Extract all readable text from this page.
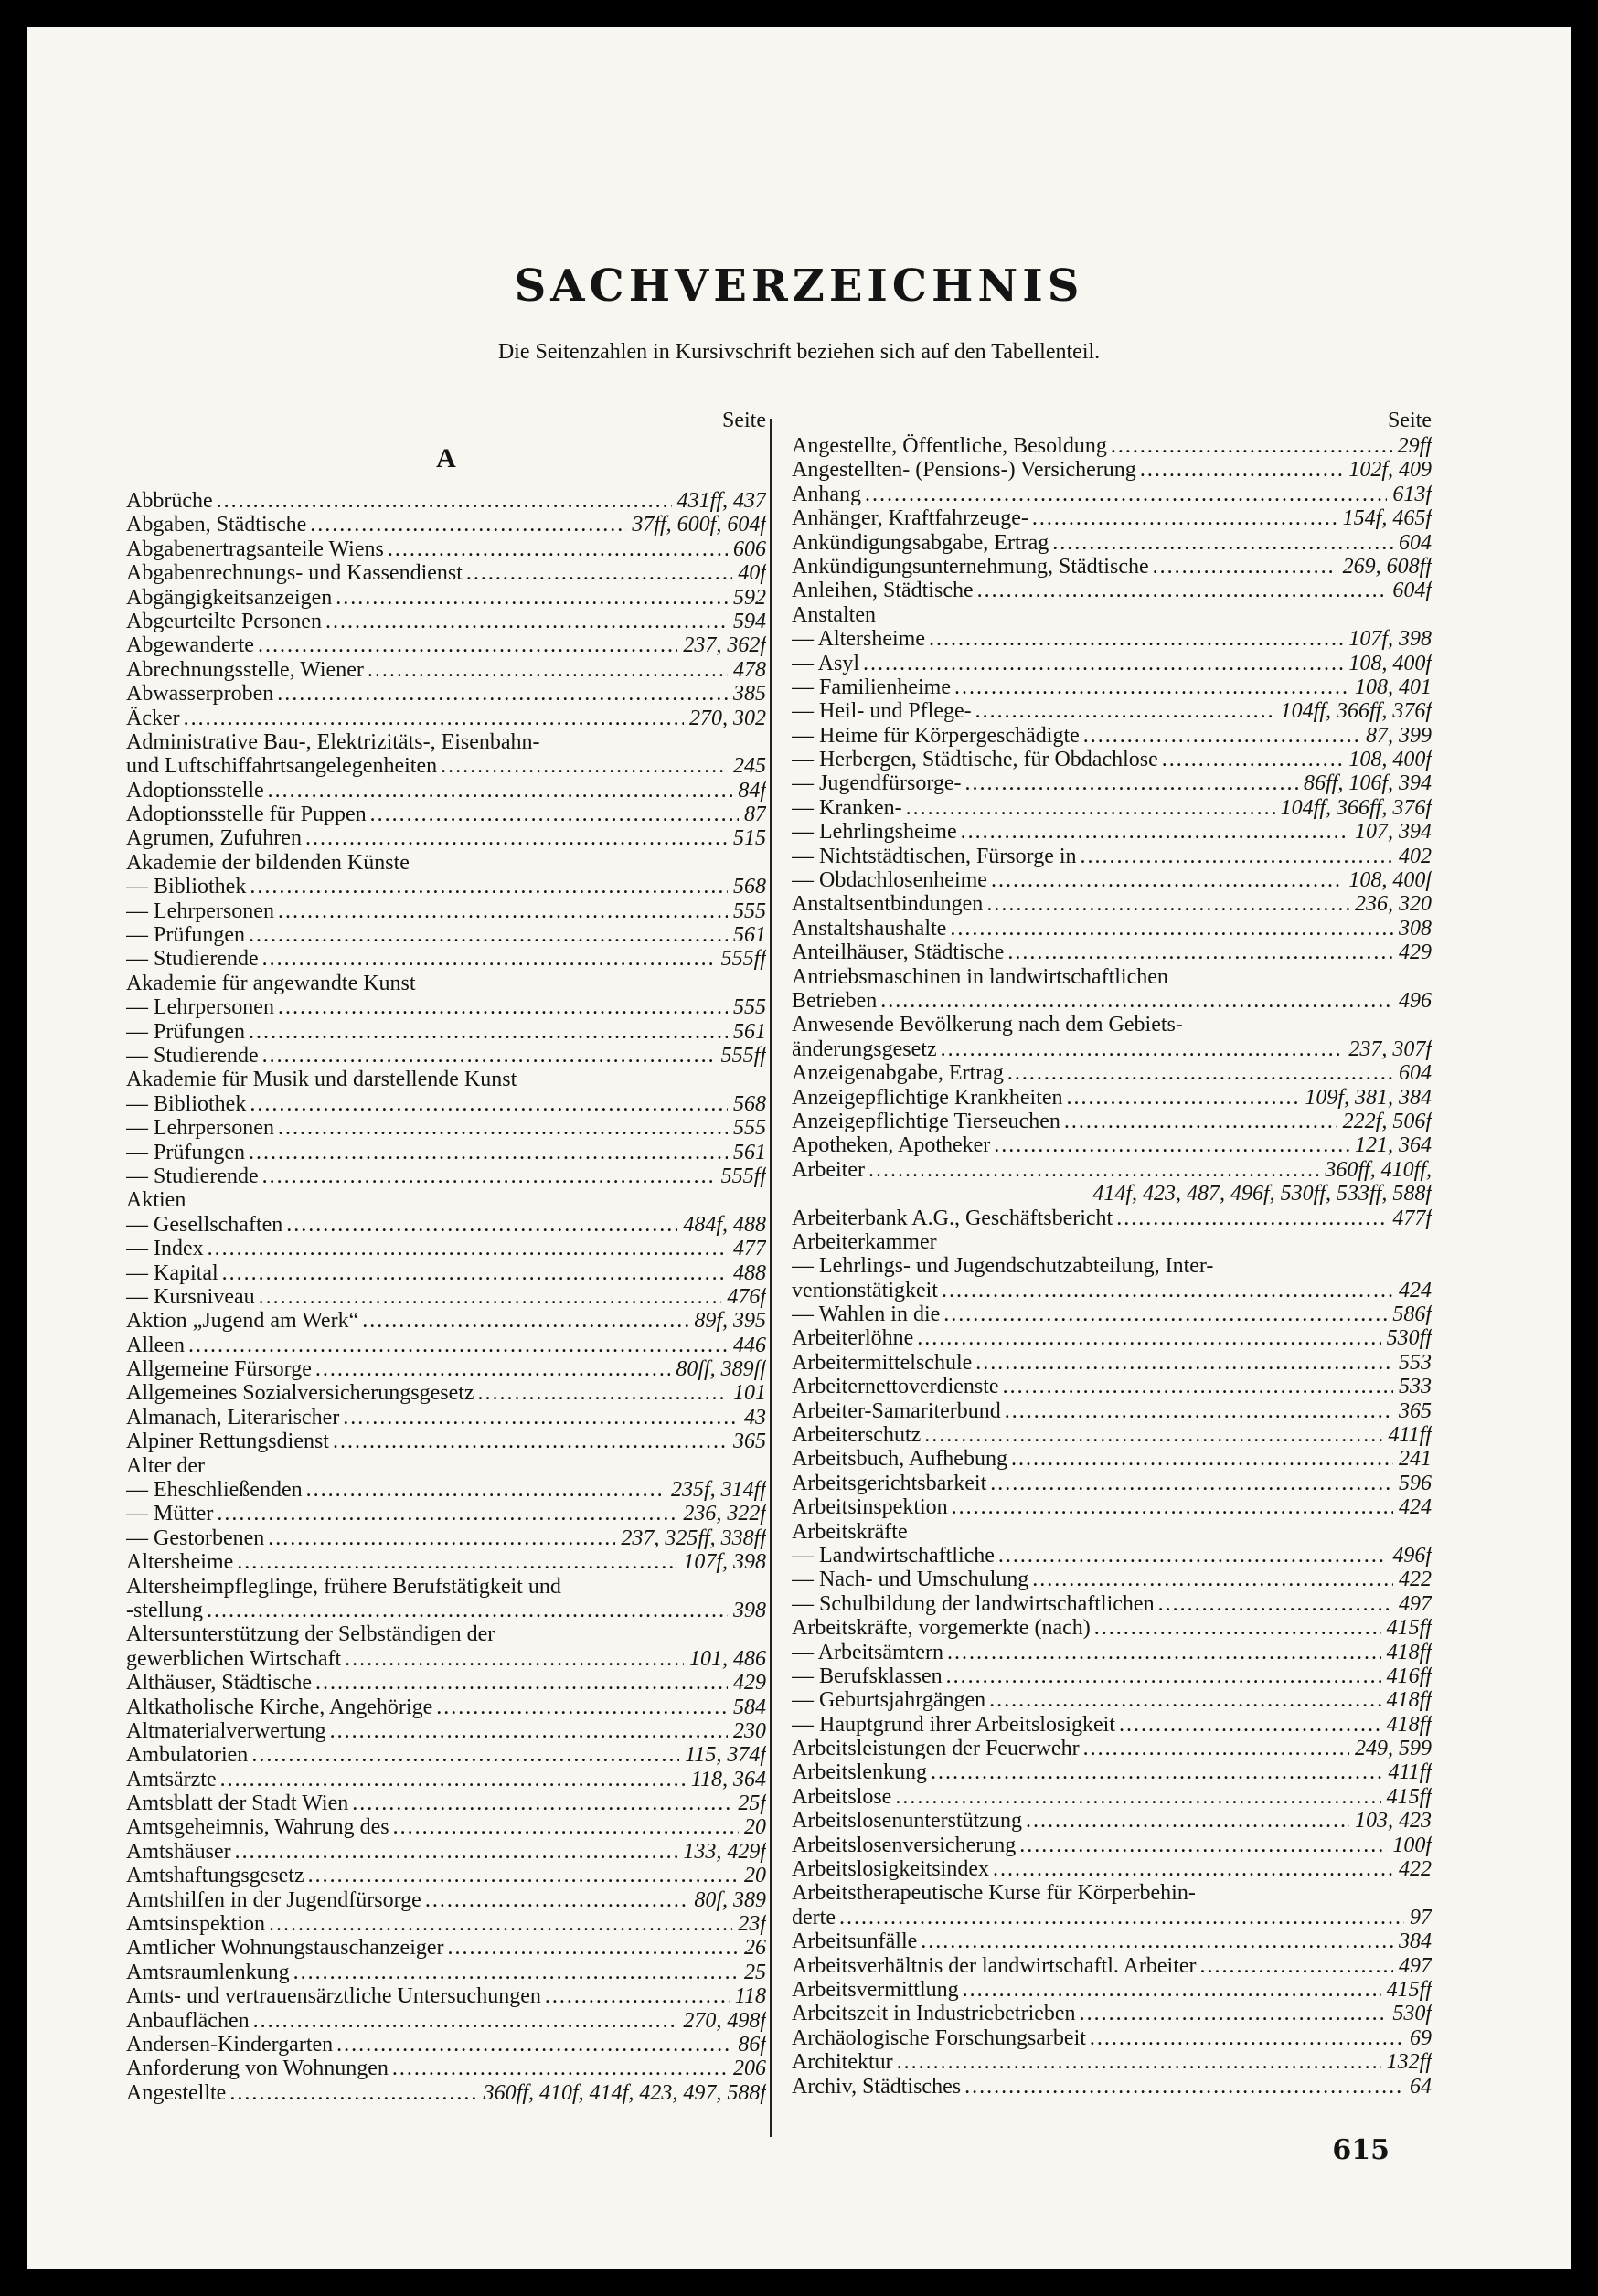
SACHVERZEICHNIS
Die Seitenzahlen in Kursivschrift beziehen sich auf den Tabellenteil.
Seite
A
Abbrüche . . .	431ff, 437
Abgaben, Städtische . . .	37ff, 600f, 604f
Abgabenertragsanteile Wiens . . .	606
Abgabenrechnungs- und Kassendienst . . .	40f
Abgängigkeitsanzeigen . . .	592
Abgeurteilte Personen . . .	594
Abgewanderte . . .	237, 362f
Abrechnungsstelle, Wiener . . .	478
Abwasserproben . . .	385
Äcker . . .	270, 302
Administrative Bau-, Elektrizitäts-, Eisenbahn-
und Luftschiffahrtsangelegenheiten . . .	245
Adoptionsstelle . . .	84f
Adoptionsstelle für Puppen . . .	87
Agrumen, Zufuhren . . .	515
Akademie der bildenden Künste
— Bibliothek . . .	568
— Lehrpersonen . . .	555
— Prüfungen . . .	561
— Studierende . . .	555ff
Akademie für angewandte Kunst
— Lehrpersonen . . .	555
— Prüfungen . . .	561
— Studierende . . .	555ff
Akademie für Musik und darstellende Kunst
— Bibliothek . . .	568
— Lehrpersonen . . .	555
— Prüfungen . . .	561
— Studierende . . .	555ff
Aktien
— Gesellschaften . . .	484f, 488
— Index . . .	477
— Kapital . . .	488
— Kursniveau . . .	476f
Aktion „Jugend am Werk“ . . .	89f, 395
Alleen . . .	446
Allgemeine Fürsorge . . .	80ff, 389ff
Allgemeines Sozialversicherungsgesetz . . .	101
Almanach, Literarischer . . .	43
Alpiner Rettungsdienst . . .	365
Alter der
— Eheschließenden . . .	235f, 314ff
— Mütter . . .	236, 322f
— Gestorbenen . . .	237, 325ff, 338ff
Altersheime . . .	107f, 398
Altersheimpfleglinge, frühere Berufstätigkeit und
-stellung . . .	398
Altersunterstützung der Selbständigen der
gewerblichen Wirtschaft . . .	101, 486
Althäuser, Städtische . . .	429
Altkatholische Kirche, Angehörige . . .	584
Altmaterialverwertung . . .	230
Ambulatorien . . .	115, 374f
Amtsärzte . . .	118, 364
Amtsblatt der Stadt Wien . . .	25f
Amtsgeheimnis, Wahrung des . . .	20
Amtshäuser . . .	133, 429f
Amtshaftungsgesetz . . .	20
Amtshilfen in der Jugendfürsorge . . .	80f, 389
Amtsinspektion . . .	23f
Amtlicher Wohnungstauschanzeiger . . .	26
Amtsraumlenkung . . .	25
Amts- und vertrauensärztliche Untersuchungen . . .	118
Anbauflächen . . .	270, 498f
Andersen-Kindergarten . . .	86f
Anforderung von Wohnungen . . .	206
Angestellte . . .	360ff, 410f, 414f, 423, 497, 588f
Seite
Angestellte, Öffentliche, Besoldung . . .	29ff
Angestellten- (Pensions-) Versicherung . . .	102f, 409
Anhang . . .	613f
Anhänger, Kraftfahrzeuge- . . .	154f, 465f
Ankündigungsabgabe, Ertrag . . .	604
Ankündigungsunternehmung, Städtische . . .	269, 608ff
Anleihen, Städtische . . .	604f
Anstalten
— Altersheime . . .	107f, 398
— Asyl . . .	108, 400f
— Familienheime . . .	108, 401
— Heil- und Pflege- . . .	104ff, 366ff, 376f
— Heime für Körpergeschädigte . . .	87, 399
— Herbergen, Städtische, für Obdachlose . . .	108, 400f
— Jugendfürsorge- . . .	86ff, 106f, 394
— Kranken- . . .	104ff, 366ff, 376f
— Lehrlingsheime . . .	107, 394
— Nichtstädtischen, Fürsorge in . . .	402
— Obdachlosenheime . . .	108, 400f
Anstaltsentbindungen . . .	236, 320
Anstaltshaushalte . . .	308
Anteilhäuser, Städtische . . .	429
Antriebsmaschinen in landwirtschaftlichen
Betrieben . . .	496
Anwesende Bevölkerung nach dem Gebiets-
änderungsgesetz . . .	237, 307f
Anzeigenabgabe, Ertrag . . .	604
Anzeigepflichtige Krankheiten . . .	109f, 381, 384
Anzeigepflichtige Tierseuchen . . .	222f, 506f
Apotheken, Apotheker . . .	121, 364
Arbeiter . . .	360ff, 410ff,
414f, 423, 487, 496f, 530ff, 533ff, 588f
Arbeiterbank A.G., Geschäftsbericht . . .	477f
Arbeiterkammer
— Lehrlings- und Jugendschutzabteilung, Inter-
ventionstätigkeit . . .	424
— Wahlen in die . . .	586f
Arbeiterlöhne . . .	530ff
Arbeitermittelschule . . .	553
Arbeiternettoverdienste . . .	533
Arbeiter-Samariterbund . . .	365
Arbeiterschutz . . .	411ff
Arbeitsbuch, Aufhebung . . .	241
Arbeitsgerichtsbarkeit . . .	596
Arbeitsinspektion . . .	424
Arbeitskräfte
— Landwirtschaftliche . . .	496f
— Nach- und Umschulung . . .	422
— Schulbildung der landwirtschaftlichen . . .	497
Arbeitskräfte, vorgemerkte (nach) . . .	415ff
— Arbeitsämtern . . .	418ff
— Berufsklassen . . .	416ff
— Geburtsjahrgängen . . .	418ff
— Hauptgrund ihrer Arbeitslosigkeit . . .	418ff
Arbeitsleistungen der Feuerwehr . . .	249, 599
Arbeitslenkung . . .	411ff
Arbeitslose . . .	415ff
Arbeitslosenunterstützung . . .	103, 423
Arbeitslosenversicherung . . .	100f
Arbeitslosigkeitsindex . . .	422
Arbeitstherapeutische Kurse für Körperbehin-
derte . . .	97
Arbeitsunfälle . . .	384
Arbeitsverhältnis der landwirtschaftl. Arbeiter . . .	497
Arbeitsvermittlung . . .	415ff
Arbeitszeit in Industriebetrieben . . .	530f
Archäologische Forschungsarbeit . . .	69
Architektur . . .	132ff
Archiv, Städtisches . . .	64
615
